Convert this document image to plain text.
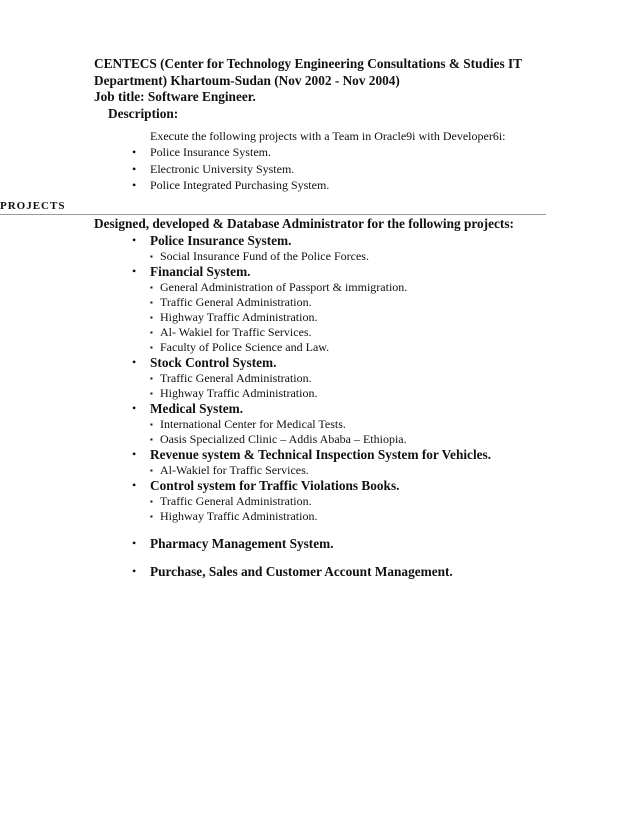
CENTECS (Center for Technology Engineering Consultations & Studies IT
Department) Khartoum-Sudan (Nov 2002 - Nov 2004)
Job title: Software Engineer.
Description:
Execute the following projects with a Team in Oracle9i with Developer6i:
• Police Insurance System.
• Electronic University System.
• Police Integrated Purchasing System.
PROJECTS
Designed, developed & Database Administrator for the following projects:
• Police Insurance System.
▪ Social Insurance Fund of the Police Forces.
• Financial System.
▪ General Administration of Passport & immigration.
▪ Traffic General Administration.
▪ Highway Traffic Administration.
▪ Al- Wakiel for Traffic Services.
▪ Faculty of Police Science and Law.
• Stock Control System.
▪ Traffic General Administration.
▪ Highway Traffic Administration.
• Medical System.
▪ International Center for Medical Tests.
▪ Oasis Specialized Clinic – Addis Ababa – Ethiopia.
• Revenue system & Technical Inspection System for Vehicles.
▪ Al-Wakiel for Traffic Services.
• Control system for Traffic Violations Books.
▪ Traffic General Administration.
▪ Highway Traffic Administration.
• Pharmacy Management System.
• Purchase, Sales and Customer Account Management.
